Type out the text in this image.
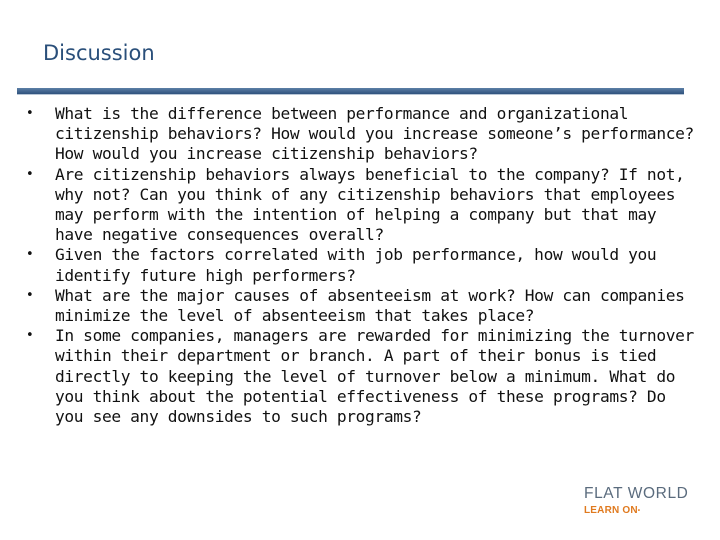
Discussion
• What is the difference between performance and organizational citizenship behaviors? How would you increase someone’s performance? How would you increase citizenship behaviors?
• Are citizenship behaviors always beneficial to the company? If not, why not? Can you think of any citizenship behaviors that employees may perform with the intention of helping a company but that may have negative consequences overall?
• Given the factors correlated with job performance, how would you identify future high performers?
• What are the major causes of absenteeism at work? How can companies minimize the level of absenteeism that takes place?
• In some companies, managers are rewarded for minimizing the turnover within their department or branch. A part of their bonus is tied directly to keeping the level of turnover below a minimum. What do you think about the potential effectiveness of these programs? Do you see any downsides to such programs?
FLAT WORLD
LEARN ON•
